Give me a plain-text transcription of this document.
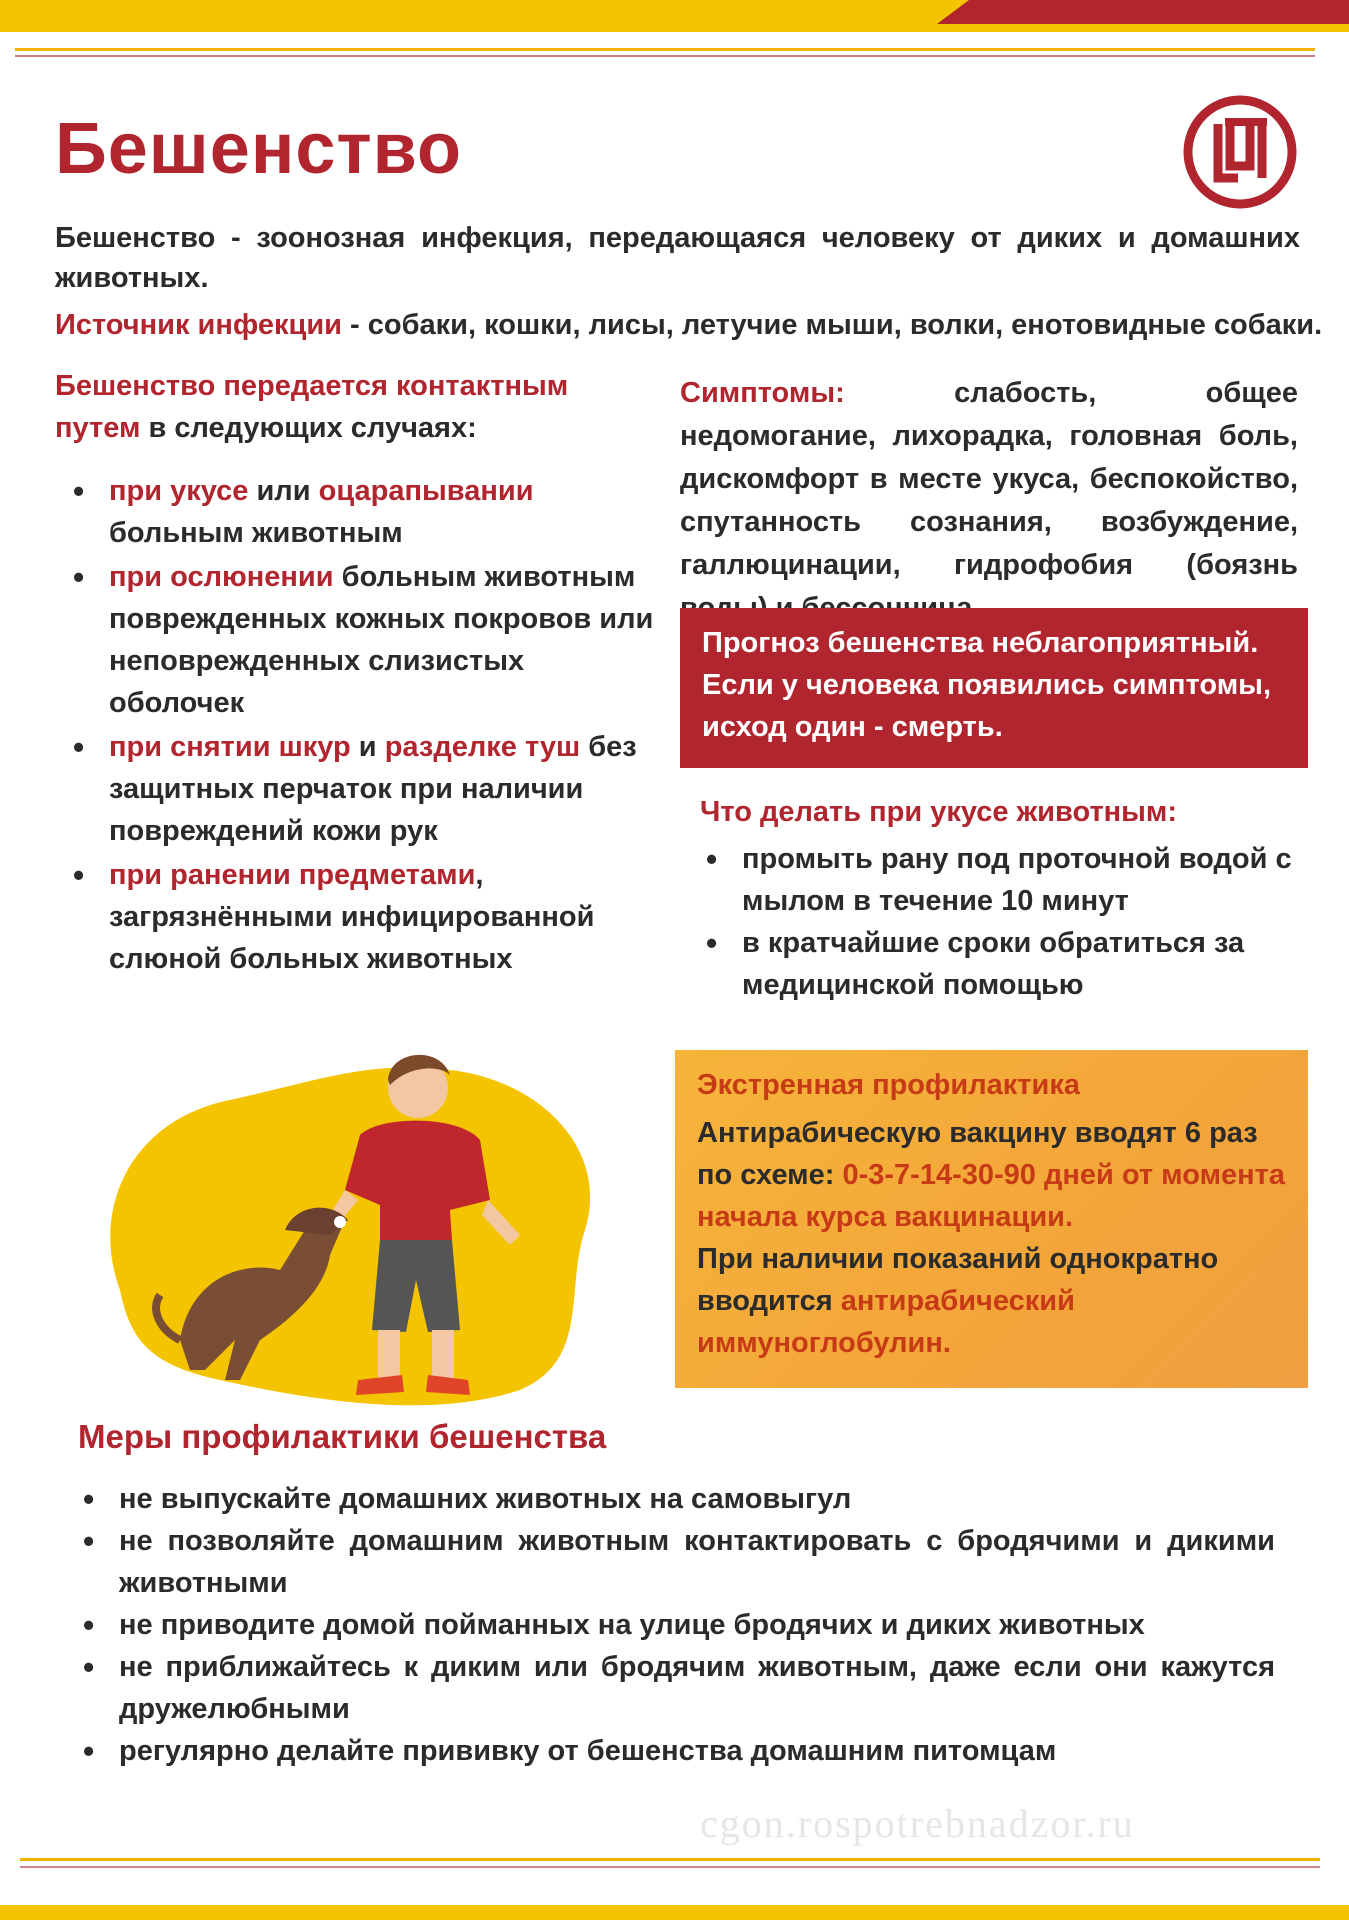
Бешенство

Бешенство - зоонозная инфекция, передающаяся человеку от диких и домашних животных.

Источник инфекции - собаки, кошки, лисы, летучие мыши, волки, енотовидные собаки.

Бешенство передается контактным путем в следующих случаях:

• при укусе или оцарапывании больным животным
• при ослюнении больным животным поврежденных кожных покровов или неповрежденных слизистых оболочек
• при снятии шкур и разделке туш без защитных перчаток при наличии повреждений кожи рук
• при ранении предметами, загрязнёнными инфицированной слюной больных животных

Симптомы:	слабость, общее недомогание, лихорадка, головная боль, дискомфорт в месте укуса, беспокойство, спутанность сознания, возбуждение, галлюцинации, гидрофобия (боязнь

Прогноз бешенства неблагоприятный. Если у человека появились симптомы, исход один - смерть.

Что делать при укусе животным:

• промыть рану под проточной водой с мылом в течение 10 минут
• в кратчайшие сроки обратиться за медицинской помощью

Экстренная профилактика

Антирабическую вакцину вводят 6 раз по схеме: 0-3-7-14-30-90 дней от момента начала курса вакцинации.

При наличии показаний однократно вводится антирабический иммуноглобулин.

Меры профилактики бешенства

• не выпускайте домашних животных на самовыгул
• не позволяйте домашним животным контактировать с бродячими и дикими животными
• не приводите домой пойманных на улице бродячих и диких животных
• не приближайтесь к диким или бродячим животным, даже если они кажутся дружелюбными
• регулярно делайте прививку от бешенства домашним питомцам
cgon.rospotrebnadzor.ru
